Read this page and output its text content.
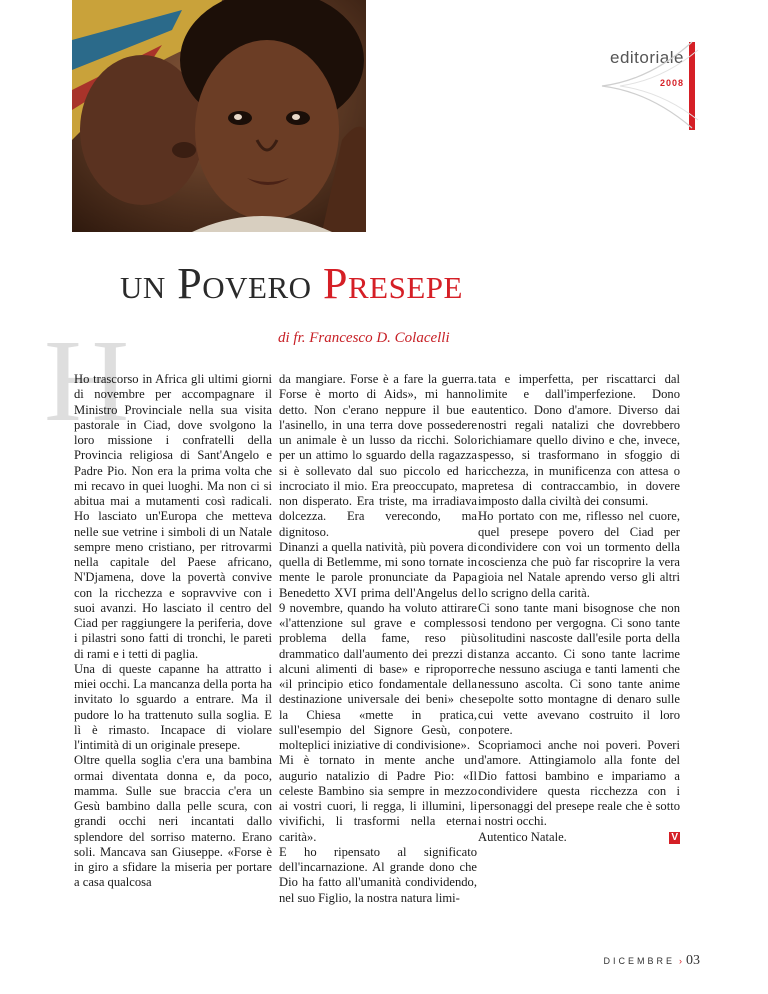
editoriale
2008
un Povero Presepe
di fr. Francesco D. Colacelli
H

Ho trascorso in Africa gli ultimi giorni di novembre per accompagnare il Ministro Provinciale nella sua visita pastorale in Ciad, dove svolgono la loro missione i confratelli della Provincia religiosa di Sant'Angelo e Padre Pio. Non era la prima volta che mi recavo in quei luoghi. Ma non ci si abitua mai a mutamenti così radicali. Ho lasciato un'Europa che metteva nelle sue vetrine i simboli di un Natale sempre meno cristiano, per ritrovarmi nella capitale del Paese africano, N'Djamena, dove la povertà convive con la ricchezza e sopravvive con i suoi avanzi. Ho lasciato il centro del Ciad per raggiungere la periferia, dove i pilastri sono fatti di tronchi, le pareti di rami e i tetti di paglia.

Una di queste capanne ha attratto i miei occhi. La mancanza della porta ha invitato lo sguardo a entrare. Ma il pudore lo ha trattenuto sulla soglia. E lì è rimasto. Incapace di violare l'intimità di un originale presepe.

Oltre quella soglia c'era una bambina ormai diventata donna e, da poco, mamma. Sulle sue braccia c'era un Gesù bambino dalla pelle scura, con grandi occhi neri incantati dallo splendore del sorriso materno. Erano soli. Mancava san Giuseppe. «Forse è in giro a sfidare la miseria per portare a casa qualcosa

da mangiare. Forse è a fare la guerra. Forse è morto di Aids», mi hanno detto. Non c'erano neppure il bue e l'asinello, in una terra dove possedere un animale è un lusso da ricchi. Solo per un attimo lo sguardo della ragazza si è sollevato dal suo piccolo ed ha incrociato il mio. Era preoccupato, ma non disperato. Era triste, ma irradiava dolcezza. Era verecondo, ma dignitoso.

Dinanzi a quella natività, più povera di quella di Betlemme, mi sono tornate in mente le parole pronunciate da Papa Benedetto XVI prima dell'Angelus del 9 novembre, quando ha voluto attirare «l'attenzione sul grave e complesso problema della fame, reso più drammatico dall'aumento dei prezzi di alcuni alimenti di base» e riproporre «il principio etico fondamentale della destinazione universale dei beni» che la Chiesa «mette in pratica, sull'esempio del Signore Gesù, con molteplici iniziative di condivisione».

Mi è tornato in mente anche un augurio natalizio di Padre Pio: «Il celeste Bambino sia sempre in mezzo ai vostri cuori, li regga, li illumini, li vivifichi, li trasformi nella eterna carità».

E ho ripensato al significato dell'incarnazione. Al grande dono che Dio ha fatto all'umanità condividendo, nel suo Figlio, la nostra natura limi-

tata e imperfetta, per riscattarci dal limite e dall'imperfezione. Dono autentico. Dono d'amore. Diverso dai nostri regali natalizi che dovrebbero richiamare quello divino e che, invece, spesso, si trasformano in sfoggio di ricchezza, in munificenza con attesa o pretesa di contraccambio, in dovere imposto dalla civiltà dei consumi.

Ho portato con me, riflesso nel cuore, quel presepe povero del Ciad per condividere con voi un tormento della coscienza che può far riscoprire la vera gioia nel Natale aprendo verso gli altri lo scrigno della carità.

Ci sono tante mani bisognose che non si tendono per vergogna. Ci sono tante solitudini nascoste dall'esile porta della stanza accanto. Ci sono tante lacrime che nessuno asciuga e tanti lamenti che nessuno ascolta. Ci sono tante anime sepolte sotto montagne di denaro sulle cui vette avevano costruito il loro potere.

Scopriamoci anche noi poveri. Poveri d'amore. Attingiamolo alla fonte del Dio fattosi bambino e impariamo a condividere questa ricchezza con i personaggi del presepe reale che è sotto i nostri occhi.

Autentico Natale.	V

DICEMBRE › 03
